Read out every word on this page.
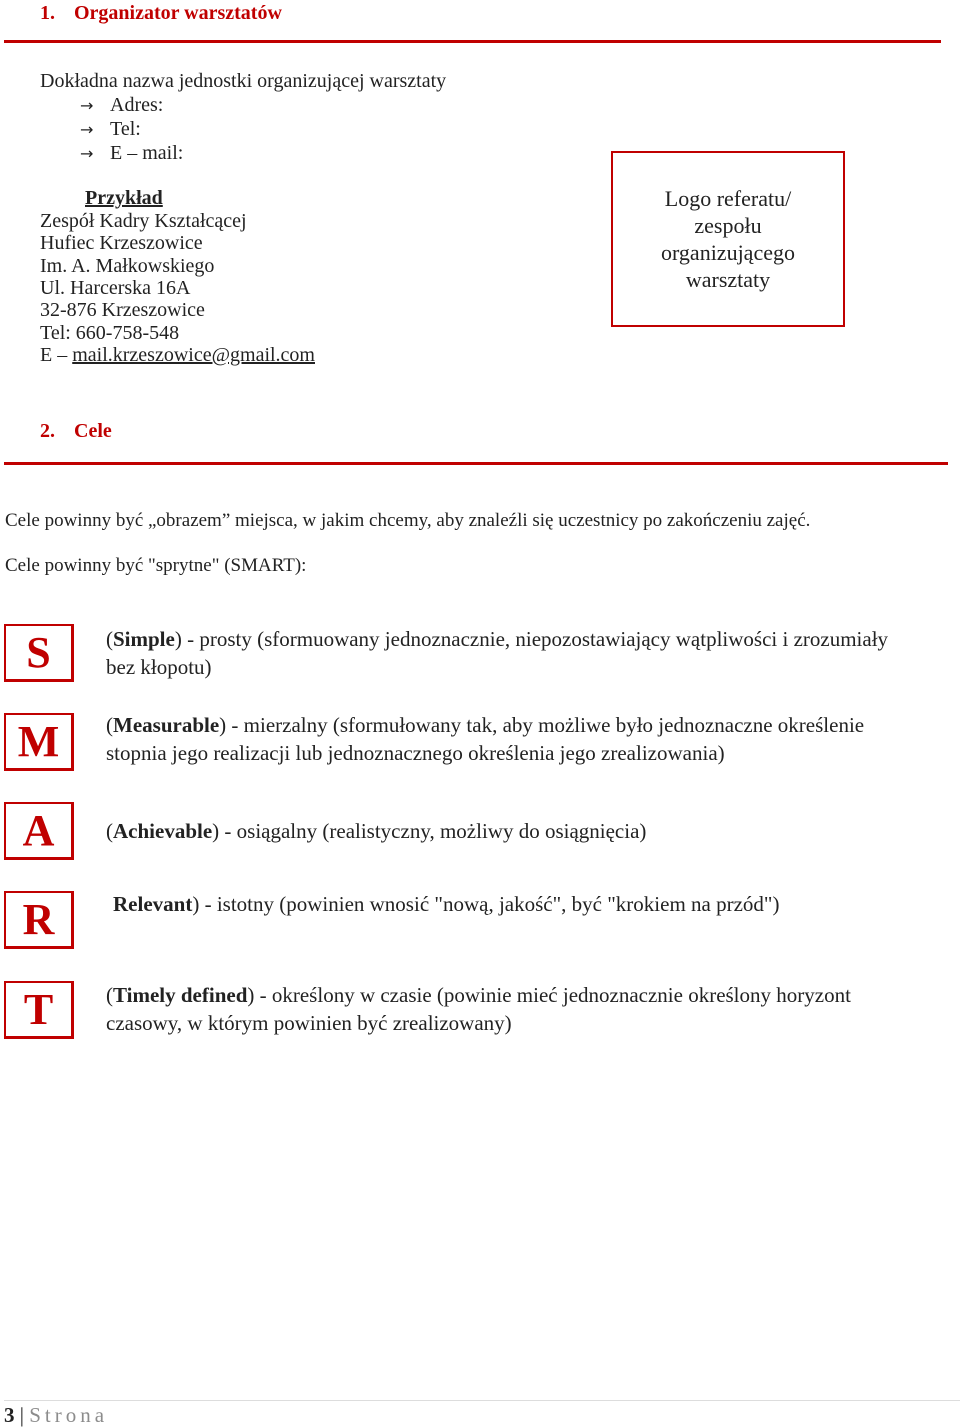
1. Organizator warsztatów
Dokładna nazwa jednostki organizującej warsztaty
→ Adres:
→ Tel:
→ E – mail:
Przykład
Zespół Kadry Kształcącej
Hufiec Krzeszowice
Im. A. Małkowskiego
Ul. Harcerska 16A
32-876 Krzeszowice
Tel: 660-758-548
E – mail.krzeszowice@gmail.com
Logo referatu/ zespołu organizującego warsztaty
2. Cele
Cele powinny być „obrazem” miejsca, w jakim chcemy, aby znaleźli się uczestnicy po zakończeniu zajęć.
Cele powinny być "sprytne" (SMART):
S	(Simple) - prosty (sformuowany jednoznacznie, niepozostawiający wątpliwości i zrozumiały bez kłopotu)
M	(Measurable) - mierzalny (sformułowany tak, aby możliwe było jednoznaczne określenie stopnia jego realizacji lub jednoznacznego określenia jego zrealizowania)
A	(Achievable) - osiągalny (realistyczny, możliwy do osiągnięcia)
R	Relevant) - istotny (powinien wnosić "nową, jakość", być "krokiem na przód")
T	(Timely defined) - określony w czasie (powinie mieć jednoznacznie określony horyzont czasowy, w którym powinien być zrealizowany)
3 | Strona
